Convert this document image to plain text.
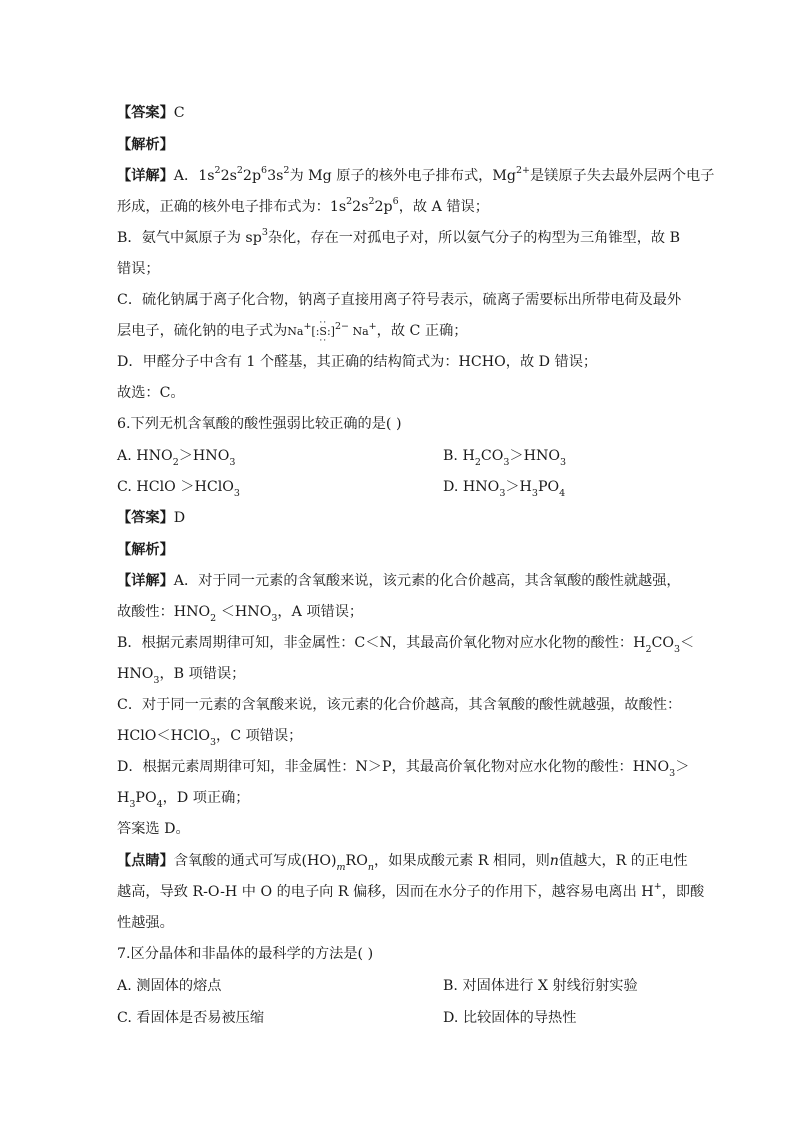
【答案】C
【解析】
【详解】A．$1s^22s^22p^63s^2$为 Mg 原子的核外电子排布式，$Mg^{2+}$是镁原子失去最外层两个电子
形成，正确的核外电子排布式为：$1s^22s^22p^6$，故 A 错误；
B．氨气中氮原子为 $sp^3$杂化，存在一对孤电子对，所以氨气分子的构型为三角锥型，故 B
错误；
C．硫化钠属于离子化合物，钠离子直接用离子符号表示，硫离子需要标出所带电荷及最外
层电子，硫化钠的电子式为Na+[:·· S ··:]$^{2-}$ Na+，故 C 正确；
D．甲醛分子中含有 1 个醛基，其正确的结构简式为：HCHO，故 D 错误；
故选：C。
6.下列无机含氧酸的酸性强弱比较正确的是( )
A. $HNO_2>HNO_3$	B. $H_2CO_3>HNO_3$
C. HClO ＞HClO$_3$	D. $HNO_3>H_3PO_4$
【答案】D
【解析】
【详解】A．对于同一元素的含氧酸来说，该元素的化合价越高，其含氧酸的酸性就越强，
故酸性：$HNO_2 <HNO_3$，A 项错误；
B．根据元素周期律可知，非金属性：C＜N，其最高价氧化物对应水化物的酸性：$H_2CO_3<$
$HNO_3$，B 项错误；
C．对于同一元素的含氧酸来说，该元素的化合价越高，其含氧酸的酸性就越强，故酸性：
HClO＜HClO$_3$，C 项错误；
D．根据元素周期律可知，非金属性：N＞P，其最高价氧化物对应水化物的酸性：$HNO_3>$
$H_3PO_4$，D 项正确；
答案选 D。
【点睛】含氧酸的通式可写成$(HO)_mRO_n$，如果成酸元素 R 相同，则n值越大，R 的正电性
越高，导致 R-O-H 中 O 的电子向 R 偏移，因而在水分子的作用下，越容易电离出 H+，即酸
性越强。
7.区分晶体和非晶体的最科学的方法是( )
A. 测固体的熔点	B. 对固体进行 X 射线衍射实验
C. 看固体是否易被压缩	D. 比较固体的导热性
